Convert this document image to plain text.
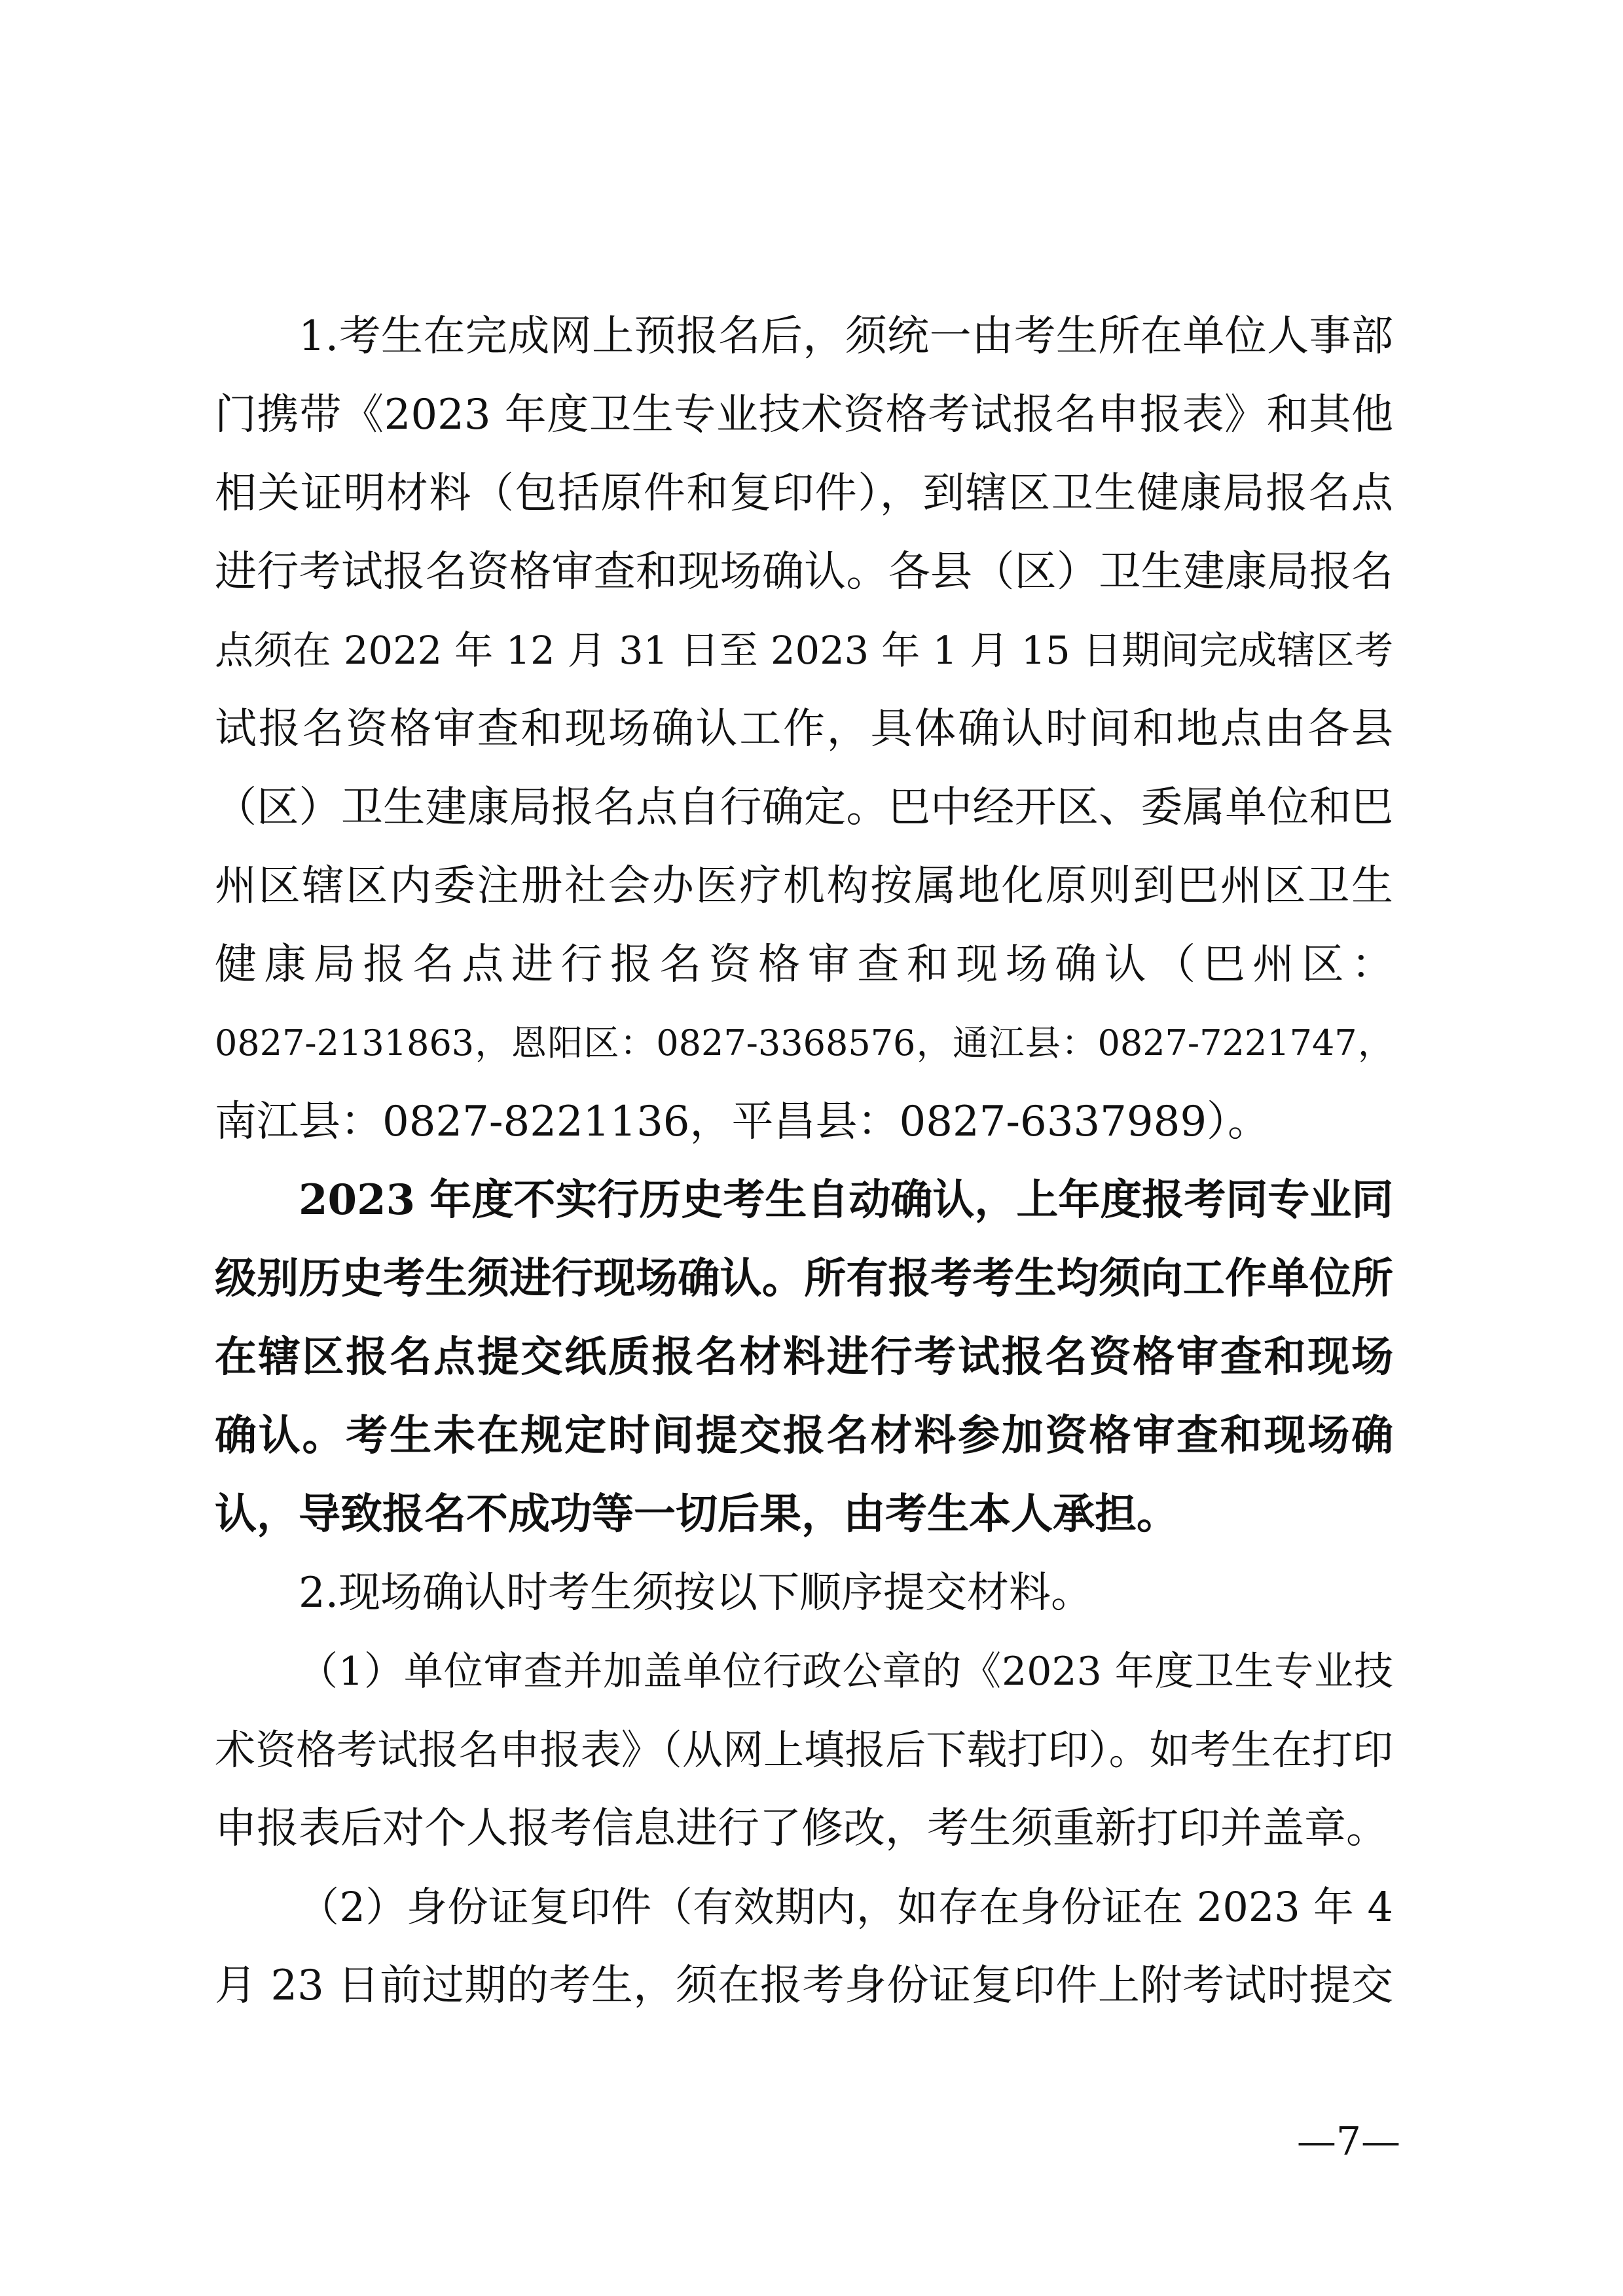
1.考生在完成网上预报名后，须统一由考生所在单位人事部
门携带《2023 年度卫生专业技术资格考试报名申报表》和其他
相关证明材料（包括原件和复印件），到辖区卫生健康局报名点
进行考试报名资格审查和现场确认。各县（区）卫生建康局报名
点须在 2022 年 12 月 31 日至 2023 年 1 月 15 日期间完成辖区考
试报名资格审查和现场确认工作，具体确认时间和地点由各县
（区）卫生建康局报名点自行确定。巴中经开区、委属单位和巴
州区辖区内委注册社会办医疗机构按属地化原则到巴州区卫生
健康局报名点进行报名资格审查和现场确认（巴州区：
0827-2131863，恩阳区：0827-3368576，通江县：0827-7221747，
南江县：0827-8221136，平昌县：0827-6337989）。
2023 年度不实行历史考生自动确认，上年度报考同专业同
级别历史考生须进行现场确认。所有报考考生均须向工作单位所
在辖区报名点提交纸质报名材料进行考试报名资格审查和现场
确认。考生未在规定时间提交报名材料参加资格审查和现场确
认，导致报名不成功等一切后果，由考生本人承担。
2.现场确认时考生须按以下顺序提交材料。
（1）单位审查并加盖单位行政公章的《2023 年度卫生专业技
术资格考试报名申报表》（从网上填报后下载打印）。如考生在打印
申报表后对个人报考信息进行了修改，考生须重新打印并盖章。
（2）身份证复印件（有效期内，如存在身份证在 2023 年 4
月 23 日前过期的考生，须在报考身份证复印件上附考试时提交
—7—
